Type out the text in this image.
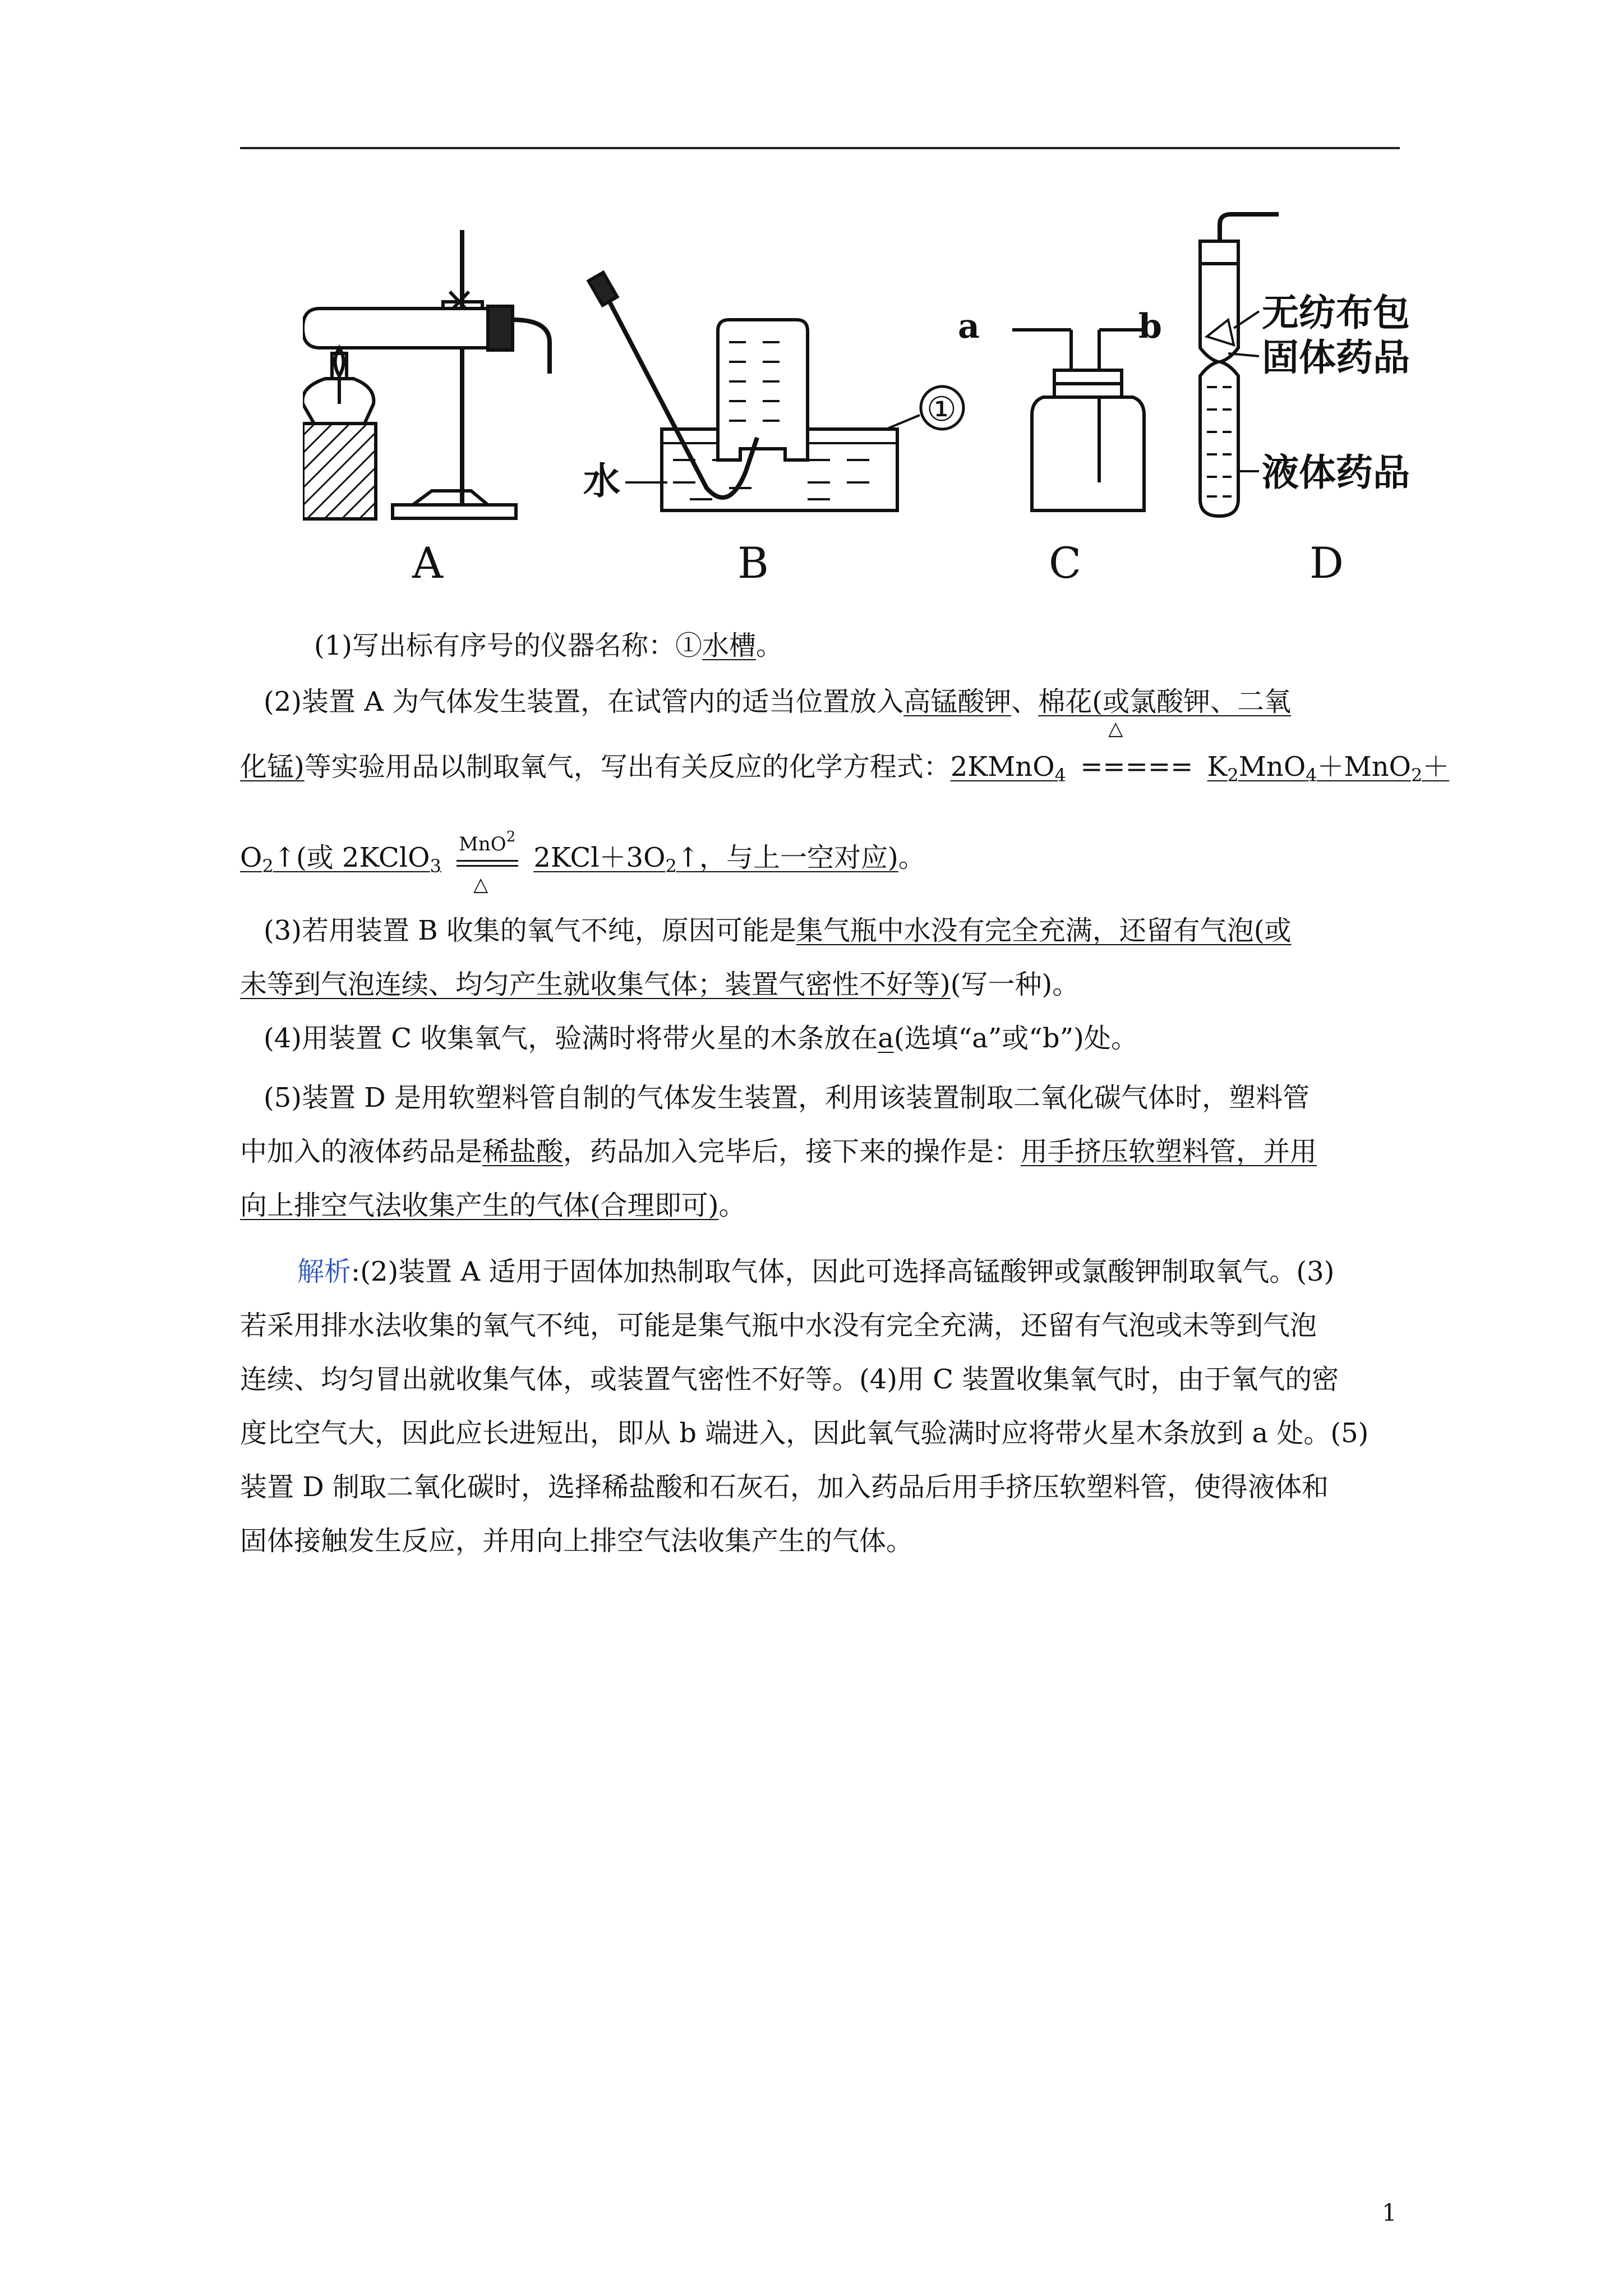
A	B	C	D
水
①
a	b	无纺布包
固体药品
液体药品
(1)写出标有序号的仪器名称：①水槽。
(2)装置 A 为气体发生装置，在试管内的适当位置放入高锰酸钾、棉花(或氯酸钾、二氧
化锰)等实验用品以制取氧气，写出有关反应的化学方程式：2KMnO$_4$
△
===== $K_2MnO_4+MnO_2+$
$O_2↑$(或 2KClO$_3$
MnO$^2$
△
$2KCl+3O_2↑$，与上一空对应)。
(3)若用装置 B 收集的氧气不纯，原因可能是集气瓶中水没有完全充满，还留有气泡(或
未等到气泡连续、均匀产生就收集气体；装置气密性不好等)(写一种)。
(4)用装置 C 收集氧气，验满时将带火星的木条放在a(选填“a”或“b”)处。
(5)装置 D 是用软塑料管自制的气体发生装置，利用该装置制取二氧化碳气体时，塑料管
中加入的液体药品是稀盐酸，药品加入完毕后，接下来的操作是：用手挤压软塑料管，并用
向上排空气法收集产生的气体(合理即可)。
解析:(2)装置 A 适用于固体加热制取气体，因此可选择高锰酸钾或氯酸钾制取氧气。(3)
若采用排水法收集的氧气不纯，可能是集气瓶中水没有完全充满，还留有气泡或未等到气泡
连续、均匀冒出就收集气体，或装置气密性不好等。(4)用 C 装置收集氧气时，由于氧气的密
度比空气大，因此应长进短出，即从 b 端进入，因此氧气验满时应将带火星木条放到 a 处。(5)
装置 D 制取二氧化碳时，选择稀盐酸和石灰石，加入药品后用手挤压软塑料管，使得液体和
固体接触发生反应，并用向上排空气法收集产生的气体。
1
